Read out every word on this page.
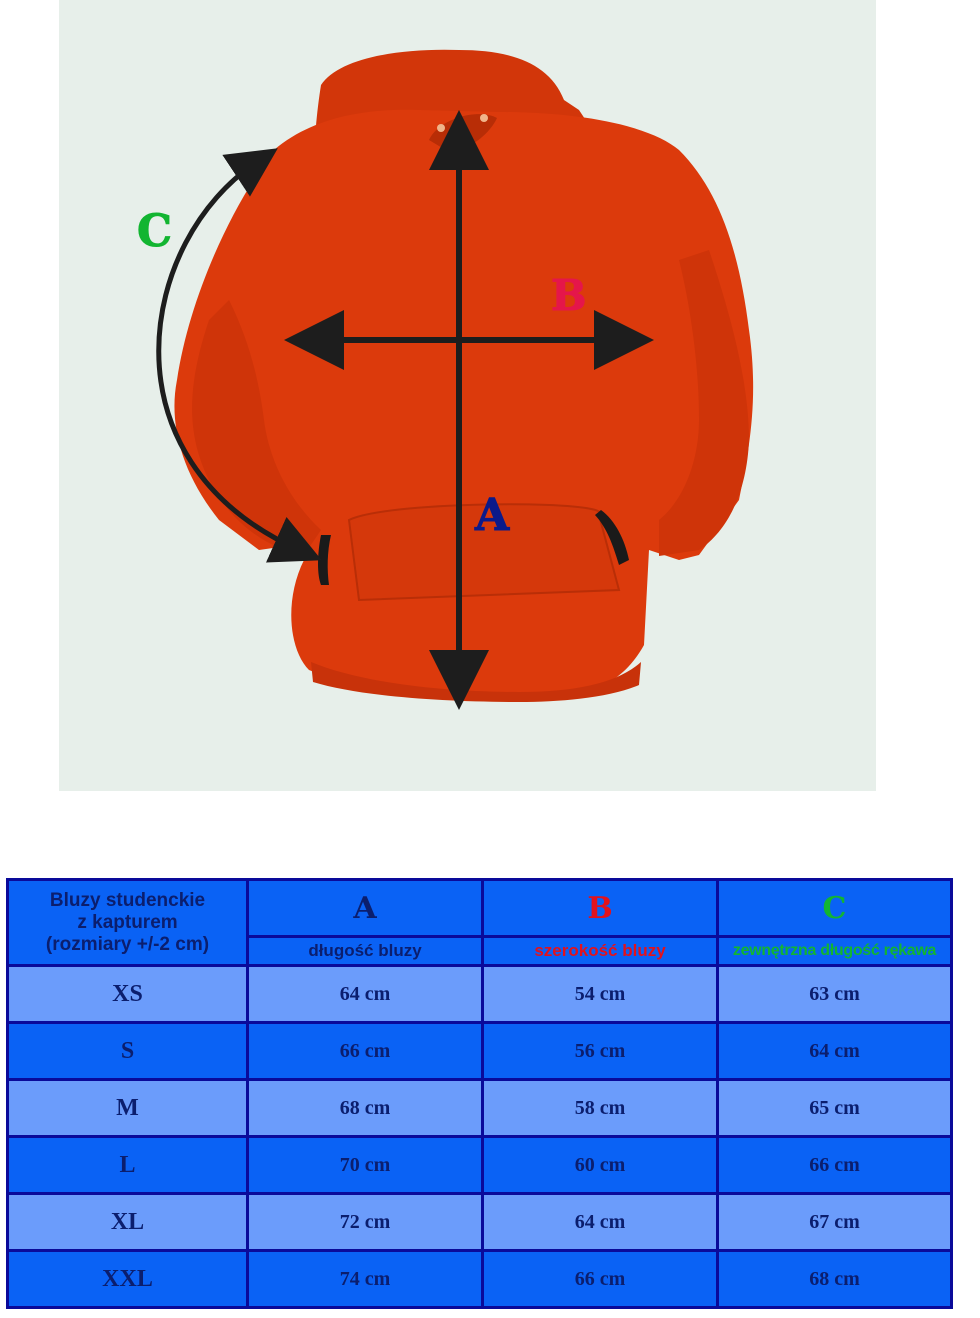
A
B
C
Bluzy studenckie
z kapturem
(rozmiary +/-2 cm)	A	B	C
	długość bluzy	szerokość bluzy	zewnętrzna długość rękawa
XS	64 cm	54 cm	63 cm
S	66 cm	56 cm	64 cm
M	68 cm	58 cm	65 cm
L	70 cm	60 cm	66 cm
XL	72 cm	64 cm	67 cm
XXL	74 cm	66 cm	68 cm
